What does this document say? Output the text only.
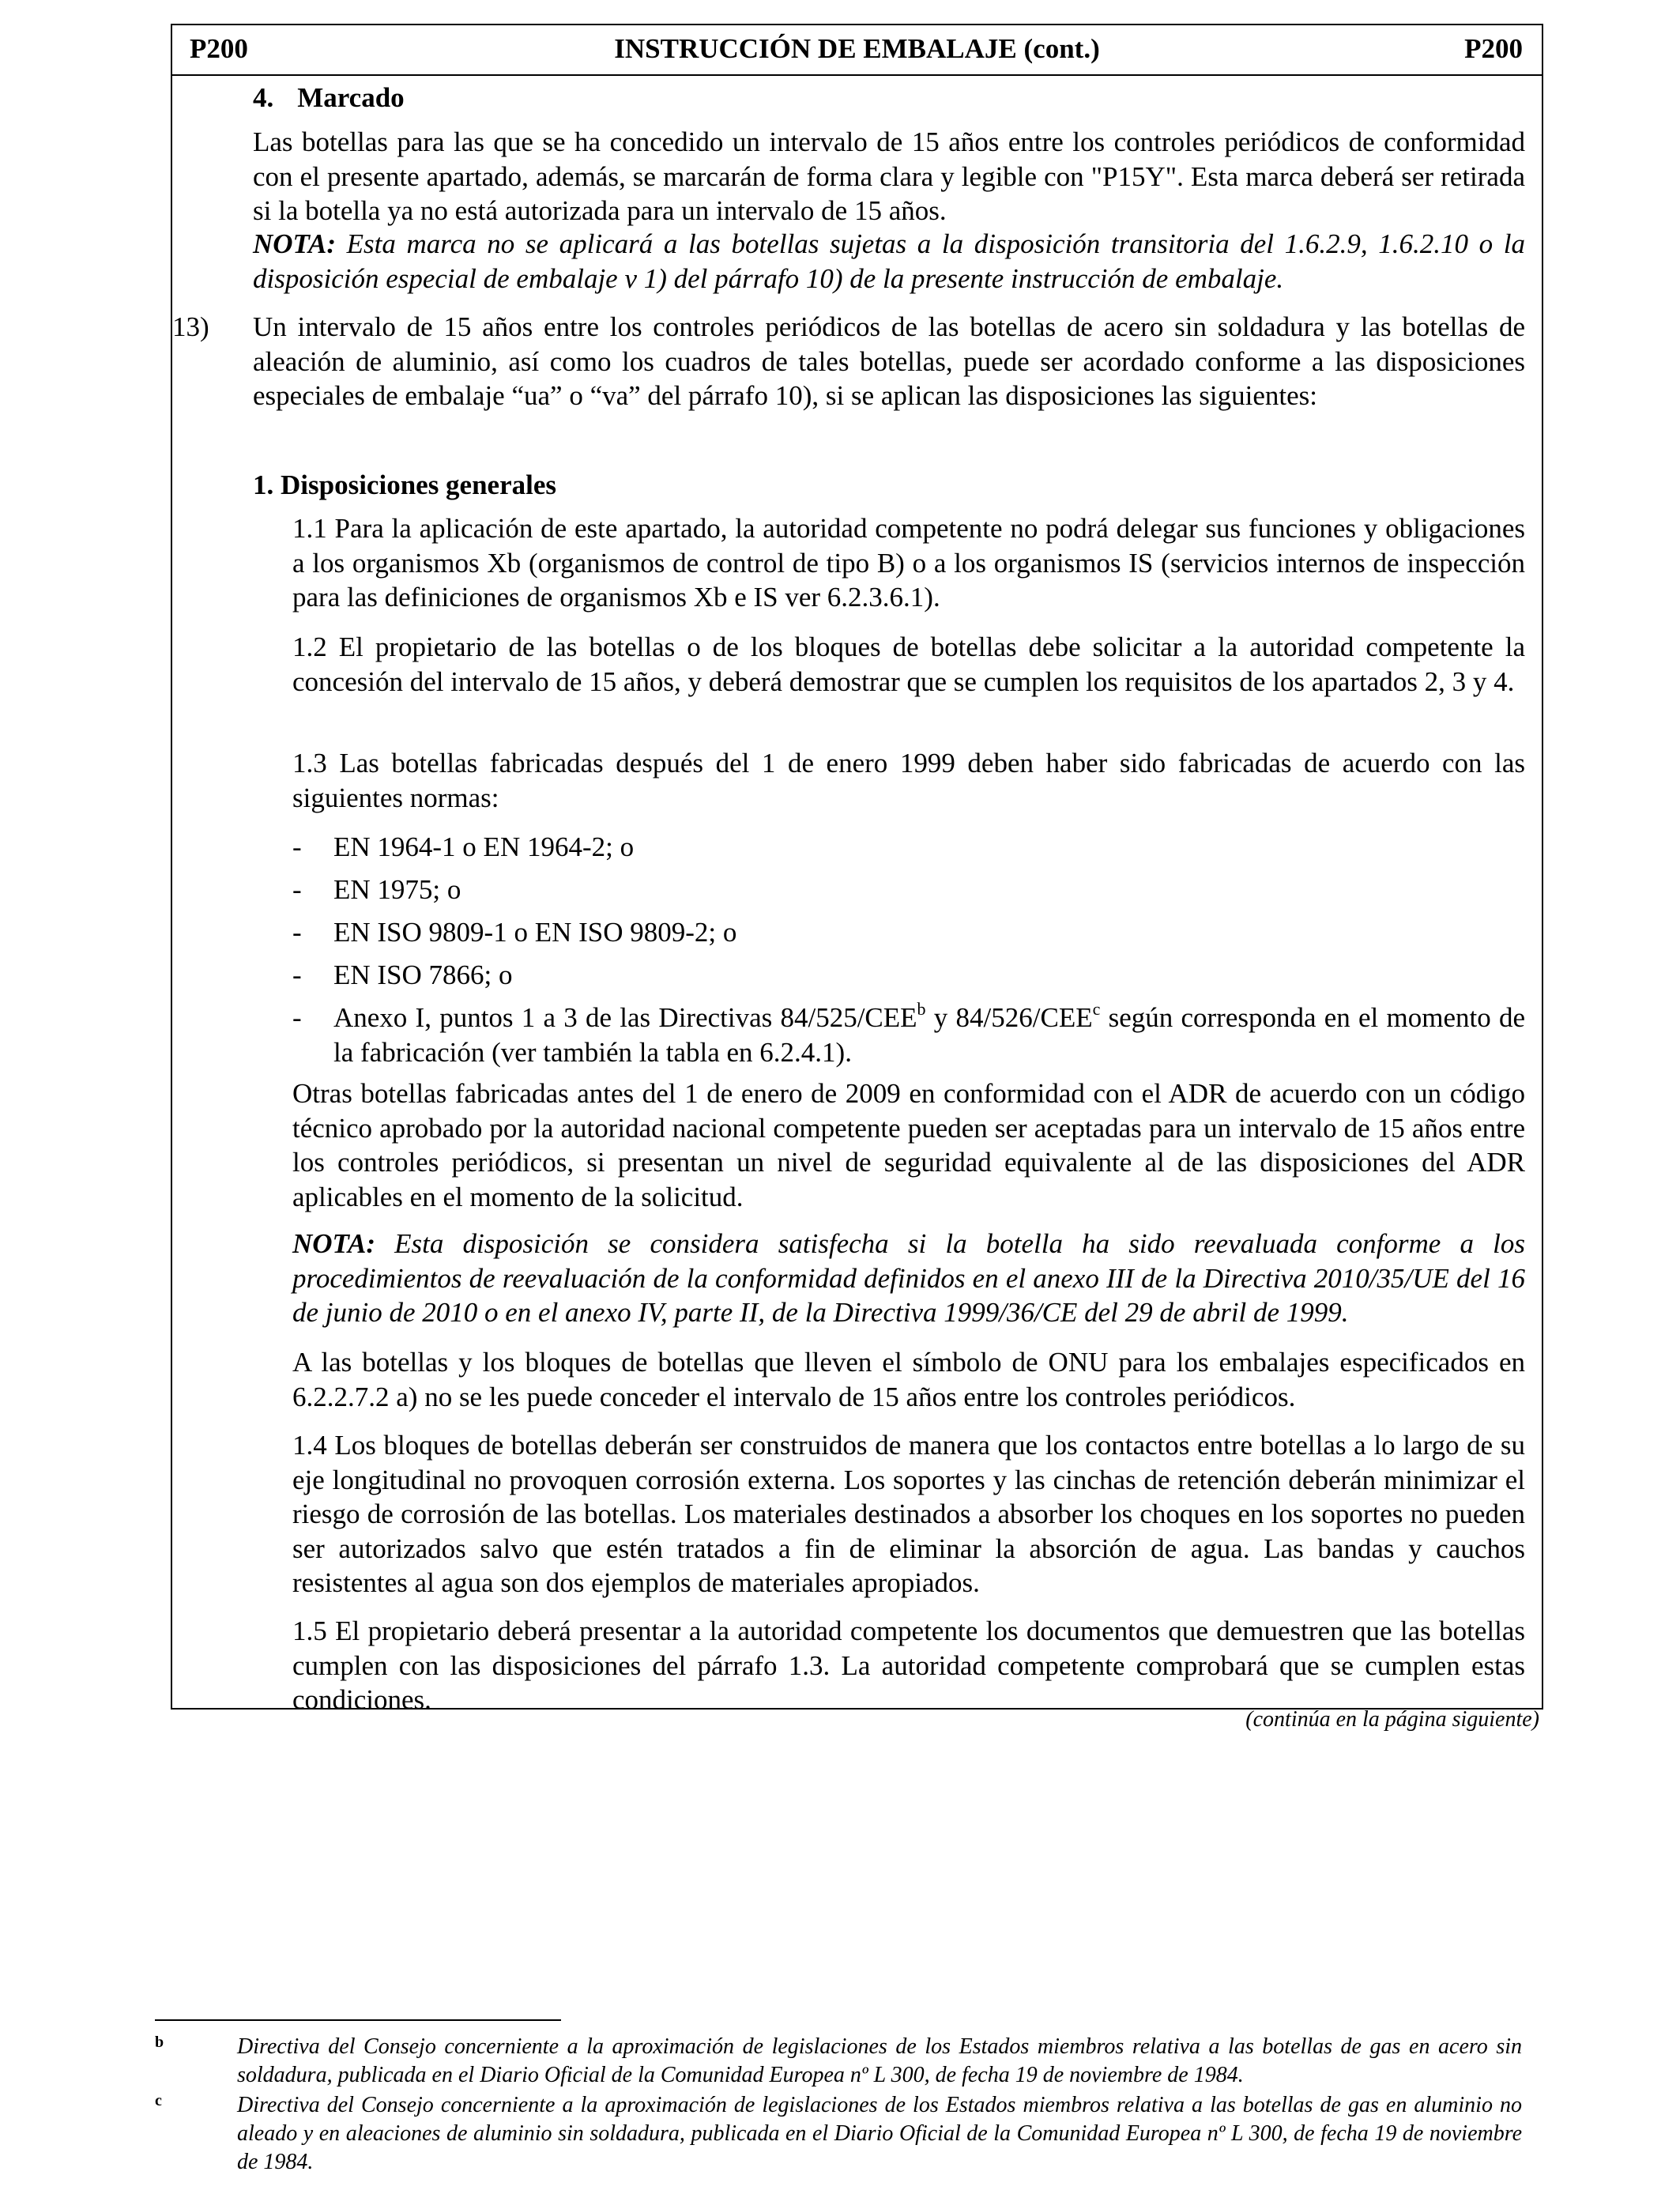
P200	INSTRUCCIÓN DE EMBALAJE (cont.)	P200
4. Marcado
Las botellas para las que se ha concedido un intervalo de 15 años entre los controles periódicos de conformidad con el presente apartado, además, se marcarán de forma clara y legible con "P15Y". Esta marca deberá ser retirada si la botella ya no está autorizada para un intervalo de 15 años.
NOTA: Esta marca no se aplicará a las botellas sujetas a la disposición transitoria del 1.6.2.9, 1.6.2.10 o la disposición especial de embalaje v 1) del párrafo 10) de la presente instrucción de embalaje.
13) Un intervalo de 15 años entre los controles periódicos de las botellas de acero sin soldadura y las botellas de aleación de aluminio, así como los cuadros de tales botellas, puede ser acordado conforme a las disposiciones especiales de embalaje “ua” o “va” del párrafo 10), si se aplican las disposiciones las siguientes:
1. Disposiciones generales
1.1 Para la aplicación de este apartado, la autoridad competente no podrá delegar sus funciones y obligaciones a los organismos Xb (organismos de control de tipo B) o a los organismos IS (servicios internos de inspección para las definiciones de organismos Xb e IS ver 6.2.3.6.1).
1.2 El propietario de las botellas o de los bloques de botellas debe solicitar a la autoridad competente la concesión del intervalo de 15 años, y deberá demostrar que se cumplen los requisitos de los apartados 2, 3 y 4.
1.3 Las botellas fabricadas después del 1 de enero 1999 deben haber sido fabricadas de acuerdo con las siguientes normas:
- EN 1964-1 o EN 1964-2; o
- EN 1975; o
- EN ISO 9809-1 o EN ISO 9809-2; o
- EN ISO 7866; o
- Anexo I, puntos 1 a 3 de las Directivas 84/525/CEE$^b$ y 84/526/CEE$^c$ según corresponda en el momento de la fabricación (ver también la tabla en 6.2.4.1).
Otras botellas fabricadas antes del 1 de enero de 2009 en conformidad con el ADR de acuerdo con un código técnico aprobado por la autoridad nacional competente pueden ser aceptadas para un intervalo de 15 años entre los controles periódicos, si presentan un nivel de seguridad equivalente al de las disposiciones del ADR aplicables en el momento de la solicitud.
NOTA: Esta disposición se considera satisfecha si la botella ha sido reevaluada conforme a los procedimientos de reevaluación de la conformidad definidos en el anexo III de la Directiva 2010/35/UE del 16 de junio de 2010 o en el anexo IV, parte II, de la Directiva 1999/36/CE del 29 de abril de 1999.
A las botellas y los bloques de botellas que lleven el símbolo de ONU para los embalajes especificados en 6.2.2.7.2 a) no se les puede conceder el intervalo de 15 años entre los controles periódicos.
1.4 Los bloques de botellas deberán ser construidos de manera que los contactos entre botellas a lo largo de su eje longitudinal no provoquen corrosión externa. Los soportes y las cinchas de retención deberán minimizar el riesgo de corrosión de las botellas. Los materiales destinados a absorber los choques en los soportes no pueden ser autorizados salvo que estén tratados a fin de eliminar la absorción de agua. Las bandas y cauchos resistentes al agua son dos ejemplos de materiales apropiados.
1.5 El propietario deberá presentar a la autoridad competente los documentos que demuestren que las botellas cumplen con las disposiciones del párrafo 1.3. La autoridad competente comprobará que se cumplen estas condiciones.
(continúa en la página siguiente)
b	Directiva del Consejo concerniente a la aproximación de legislaciones de los Estados miembros relativa a las botellas de gas en acero sin soldadura, publicada en el Diario Oficial de la Comunidad Europea nº L 300, de fecha 19 de noviembre de 1984.
c	Directiva del Consejo concerniente a la aproximación de legislaciones de los Estados miembros relativa a las botellas de gas en aluminio no aleado y en aleaciones de aluminio sin soldadura, publicada en el Diario Oficial de la Comunidad Europea nº L 300, de fecha 19 de noviembre de 1984.
